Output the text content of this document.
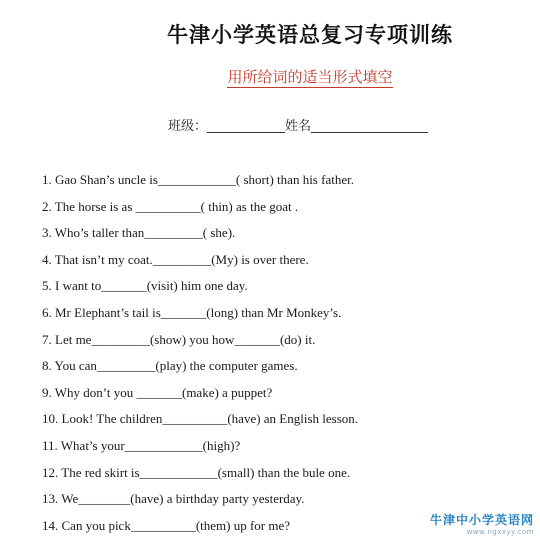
牛津小学英语总复习专项训练
用所给词的适当形式填空
班级：____________姓名__________________
1. Gao Shan’s uncle is____________( short) than his father.
2. The horse is as __________( thin) as the goat .
3. Who’s taller than_________( she).
4. That isn’t my coat._________(My) is over there.
5. I want to_______(visit) him one day.
6. Mr Elephant’s tail is_______(long) than Mr Monkey’s.
7. Let me_________(show) you how_______(do) it.
8. You can_________(play) the computer games.
9. Why don’t you _______(make) a puppet?
10. Look! The children__________(have) an English lesson.
11. What’s your____________(high)?
12. The red skirt is____________(small) than the bule one.
13. We________(have) a birthday party yesterday.
14. Can you pick__________(them) up for me?	牛津中小学英语网
www.ngxxyy.com
